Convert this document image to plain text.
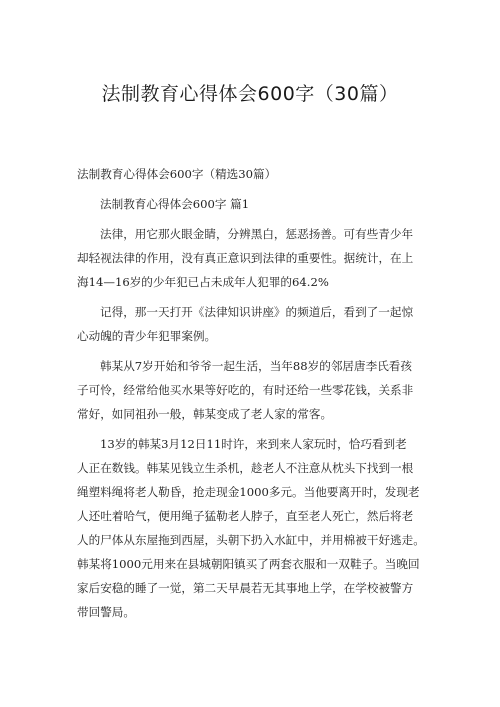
法制教育心得体会600字（30篇）
法制教育心得体会600字（精选30篇）
法制教育心得体会600字 篇1
法律，用它那火眼金睛，分辨黑白，惩恶扬善。可有些青少年
却轻视法律的作用，没有真正意识到法律的重要性。据统计，在上
海14—16岁的少年犯已占未成年人犯罪的64.2%
记得，那一天打开《法律知识讲座》的频道后，看到了一起惊
心动魄的青少年犯罪案例。
韩某从7岁开始和爷爷一起生活，当年88岁的邻居唐李氏看孩
子可怜，经常给他买水果等好吃的，有时还给一些零花钱，关系非
常好，如同祖孙一般，韩某变成了老人家的常客。
13岁的韩某3月12日11时许，来到来人家玩时，恰巧看到老
人正在数钱。韩某见钱立生杀机，趁老人不注意从枕头下找到一根
绳塑料绳将老人勒昏，抢走现金1000多元。当他要离开时，发现老
人还吐着哈气，便用绳子猛勒老人脖子，直至老人死亡，然后将老
人的尸体从东屋拖到西屋，头朝下扔入水缸中，并用棉被干好逃走。
韩某将1000元用来在县城朝阳镇买了两套衣服和一双鞋子。当晚回
家后安稳的睡了一觉，第二天早晨若无其事地上学，在学校被警方
带回警局。
